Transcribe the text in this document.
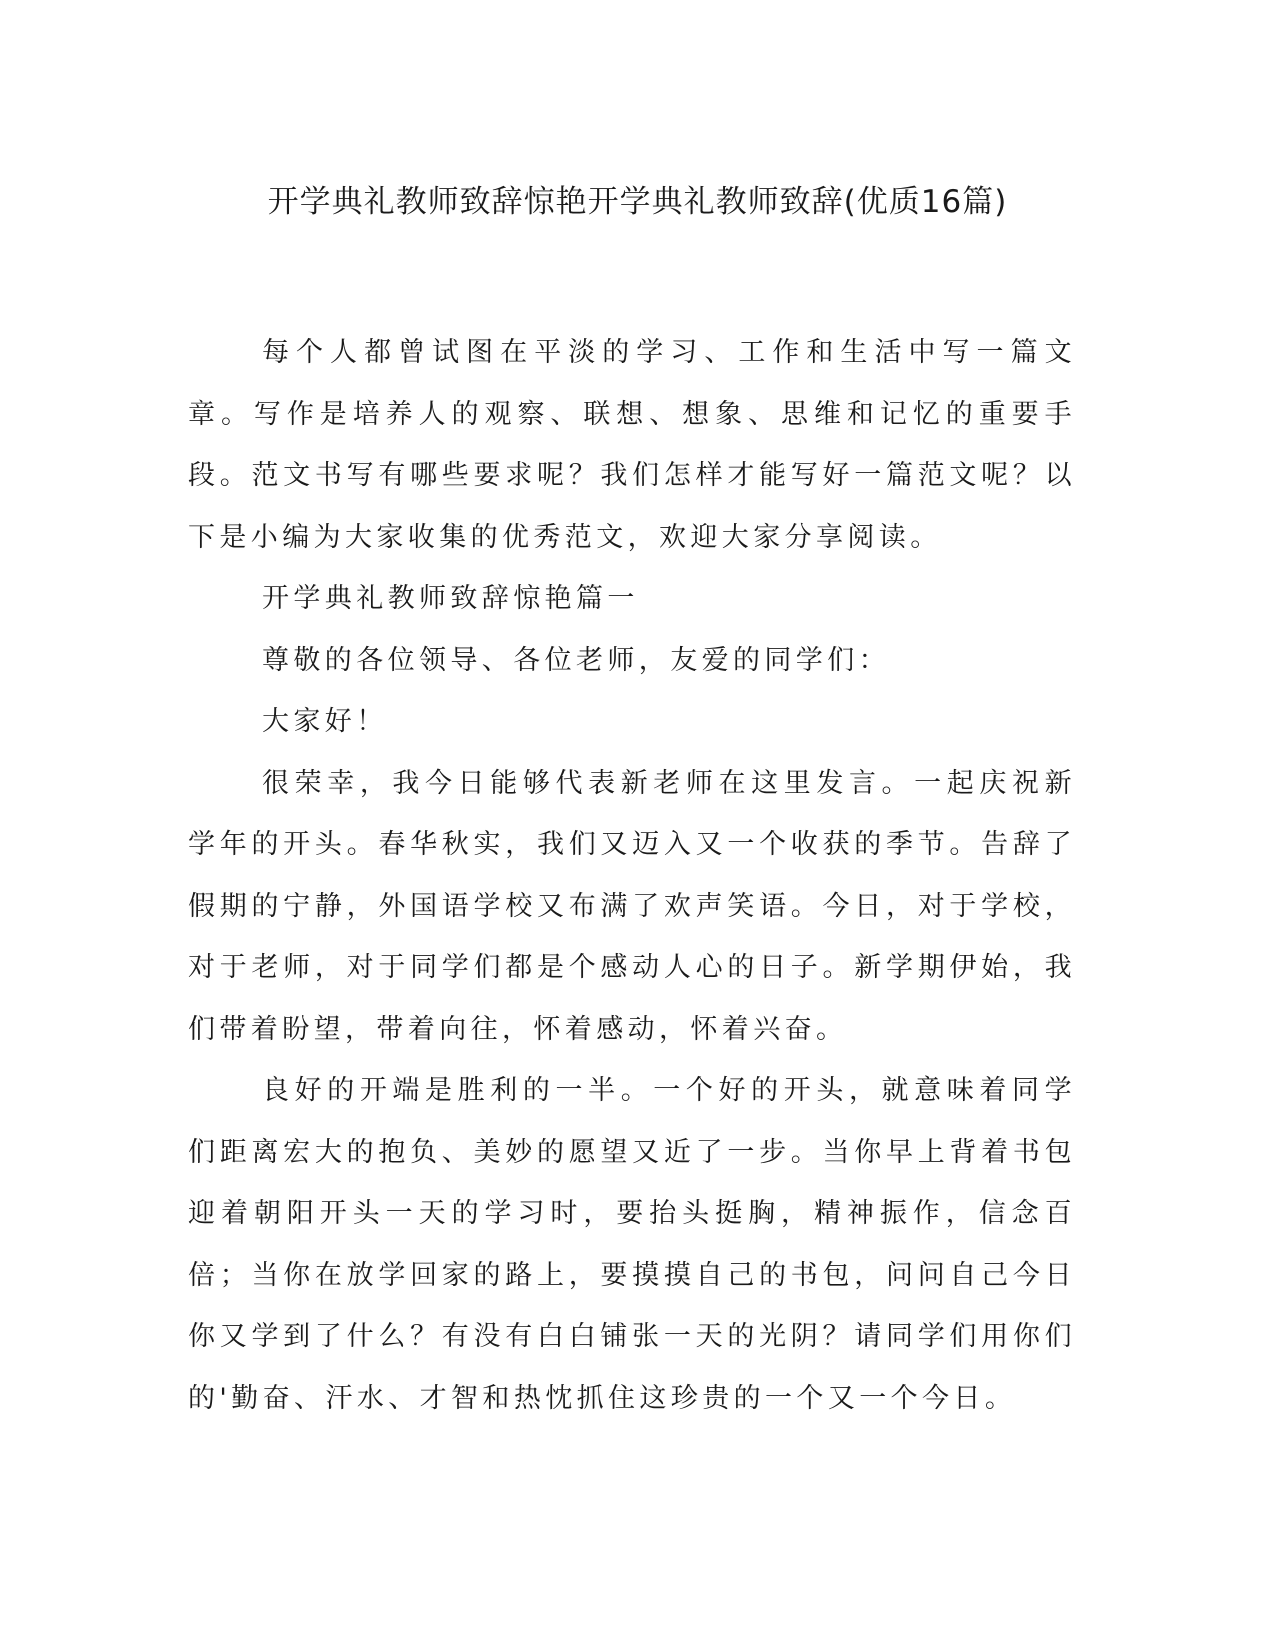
开学典礼教师致辞惊艳开学典礼教师致辞(优质16篇)

每个人都曾试图在平淡的学习、工作和生活中写一篇文章。写作是培养人的观察、联想、想象、思维和记忆的重要手段。范文书写有哪些要求呢？我们怎样才能写好一篇范文呢？以下是小编为大家收集的优秀范文，欢迎大家分享阅读。

开学典礼教师致辞惊艳篇一

尊敬的各位领导、各位老师，友爱的同学们：

大家好！

很荣幸，我今日能够代表新老师在这里发言。一起庆祝新学年的开头。春华秋实，我们又迈入又一个收获的季节。告辞了假期的宁静，外国语学校又布满了欢声笑语。今日，对于学校，对于老师，对于同学们都是个感动人心的日子。新学期伊始，我们带着盼望，带着向往，怀着感动，怀着兴奋。

良好的开端是胜利的一半。一个好的开头，就意味着同学们距离宏大的抱负、美妙的愿望又近了一步。当你早上背着书包迎着朝阳开头一天的学习时，要抬头挺胸，精神振作，信念百倍；当你在放学回家的路上，要摸摸自己的书包，问问自己今日你又学到了什么？有没有白白铺张一天的光阴？请同学们用你们的'勤奋、汗水、才智和热忱抓住这珍贵的一个又一个今日。
